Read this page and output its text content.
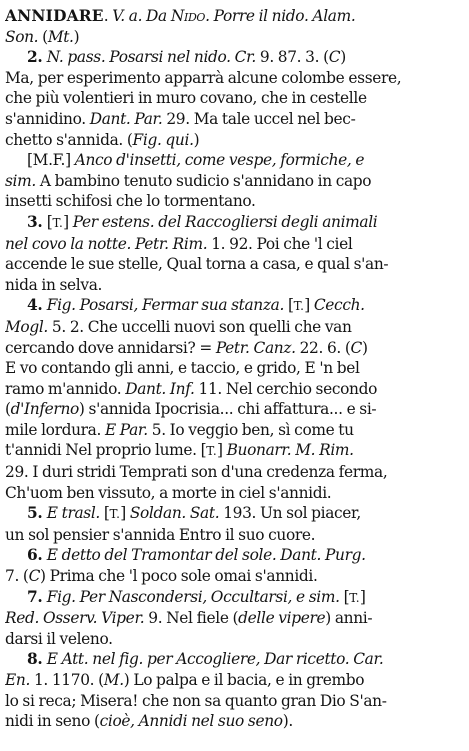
ANNIDARE. V. a. Da Nido. Porre il nido. Alam.
Son. (Mt.)
2. N. pass. Posarsi nel nido. Cr. 9. 87. 3. (C)
Ma, per esperimento apparrà alcune colombe essere,
che più volentieri in muro covano, che in cestelle
s'annidino. Dant. Par. 29. Ma tale uccel nel bec-
chetto s'annida. (Fig. qui.)
[M.F.] Anco d'insetti, come vespe, formiche, e
sim. A bambino tenuto sudicio s'annidano in capo
insetti schifosi che lo tormentano.
3. [T.] Per estens. del Raccogliersi degli animali
nel covo la notte. Petr. Rim. 1. 92. Poi che 'l ciel
accende le sue stelle, Qual torna a casa, e qual s'an-
nida in selva.
4. Fig. Posarsi, Fermar sua stanza. [T.] Cecch.
Mogl. 5. 2. Che uccelli nuovi son quelli che van
cercando dove annidarsi? = Petr. Canz. 22. 6. (C)
E vo contando gli anni, e taccio, e grido, E 'n bel
ramo m'annido. Dant. Inf. 11. Nel cerchio secondo
(d'Inferno) s'annida Ipocrisia... chi affattura... e si-
mile lordura. E Par. 5. Io veggio ben, sì come tu
t'annidi Nel proprio lume. [T.] Buonarr. M. Rim.
29. I duri stridi Temprati son d'una credenza ferma,
Ch'uom ben vissuto, a morte in ciel s'annidi.
5. E trasl. [T.] Soldan. Sat. 193. Un sol piacer,
un sol pensier s'annida Entro il suo cuore.
6. E detto del Tramontar del sole. Dant. Purg.
7. (C) Prima che 'l poco sole omai s'annidi.
7. Fig. Per Nascondersi, Occultarsi, e sim. [T.]
Red. Osserv. Viper. 9. Nel fiele (delle vipere) anni-
darsi il veleno.
8. E Att. nel fig. per Accogliere, Dar ricetto. Car.
En. 1. 1170. (M.) Lo palpa e il bacia, e in grembo
lo si reca; Misera! che non sa quanto gran Dio S'an-
nidi in seno (cioè, Annidi nel suo seno).
